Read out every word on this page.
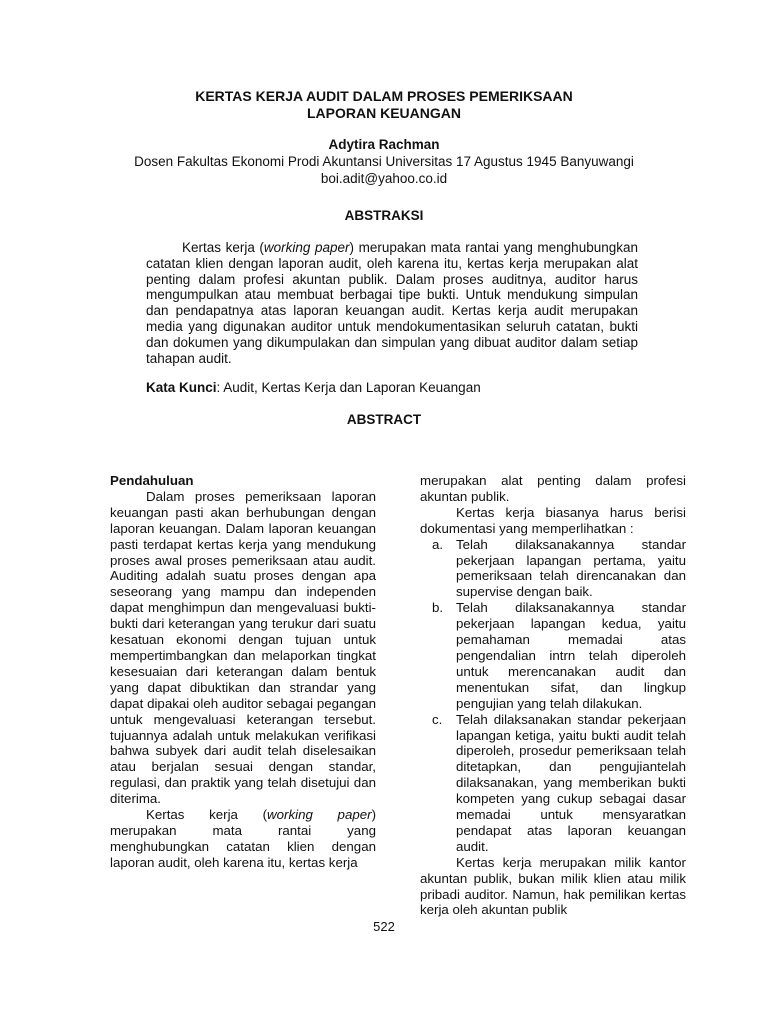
KERTAS KERJA AUDIT DALAM PROSES PEMERIKSAAN
LAPORAN KEUANGAN
Adytira Rachman
Dosen Fakultas Ekonomi Prodi Akuntansi Universitas 17 Agustus 1945 Banyuwangi
boi.adit@yahoo.co.id
ABSTRAKSI
Kertas kerja (working paper) merupakan mata rantai yang menghubungkan catatan klien dengan laporan audit, oleh karena itu, kertas kerja merupakan alat penting dalam profesi akuntan publik. Dalam proses auditnya, auditor harus mengumpulkan atau membuat berbagai tipe bukti. Untuk mendukung simpulan dan pendapatnya atas laporan keuangan audit. Kertas kerja audit merupakan media yang digunakan auditor untuk mendokumentasikan seluruh catatan, bukti dan dokumen yang dikumpulakan dan simpulan yang dibuat auditor dalam setiap tahapan audit.
Kata Kunci: Audit, Kertas Kerja dan Laporan Keuangan
ABSTRACT

Pendahuluan

Dalam proses pemeriksaan laporan keuangan pasti akan berhubungan dengan laporan keuangan. Dalam laporan keuangan pasti terdapat kertas kerja yang mendukung proses awal proses pemeriksaan atau audit. Auditing adalah suatu proses dengan apa seseorang yang mampu dan independen dapat menghimpun dan mengevaluasi bukti-bukti dari keterangan yang terukur dari suatu kesatuan ekonomi dengan tujuan untuk mempertimbangkan dan melaporkan tingkat kesesuaian dari keterangan dalam bentuk yang dapat dibuktikan dan strandar yang dapat dipakai oleh auditor sebagai pegangan untuk mengevaluasi keterangan tersebut. tujuannya adalah untuk melakukan verifikasi bahwa subyek dari audit telah diselesaikan atau berjalan sesuai dengan standar, regulasi, dan praktik yang telah disetujui dan diterima.

Kertas kerja (working paper) merupakan mata rantai yang menghubungkan catatan klien dengan laporan audit, oleh karena itu, kertas kerja

merupakan alat penting dalam profesi akuntan publik.

Kertas kerja biasanya harus berisi dokumentasi yang memperlihatkan :

a. Telah dilaksanakannya standar pekerjaan lapangan pertama, yaitu pemeriksaan telah direncanakan dan supervise dengan baik.
b. Telah dilaksanakannya standar pekerjaan lapangan kedua, yaitu pemahaman memadai atas pengendalian intrn telah diperoleh untuk merencanakan audit dan menentukan sifat, dan lingkup pengujian yang telah dilakukan.
c. Telah dilaksanakan standar pekerjaan lapangan ketiga, yaitu bukti audit telah diperoleh, prosedur pemeriksaan telah ditetapkan, dan pengujiantelah dilaksanakan, yang memberikan bukti kompeten yang cukup sebagai dasar memadai untuk mensyaratkan pendapat atas laporan keuangan audit.

Kertas kerja merupakan milik kantor akuntan publik, bukan milik klien atau milik pribadi auditor. Namun, hak pemilikan kertas kerja oleh akuntan publik

522
